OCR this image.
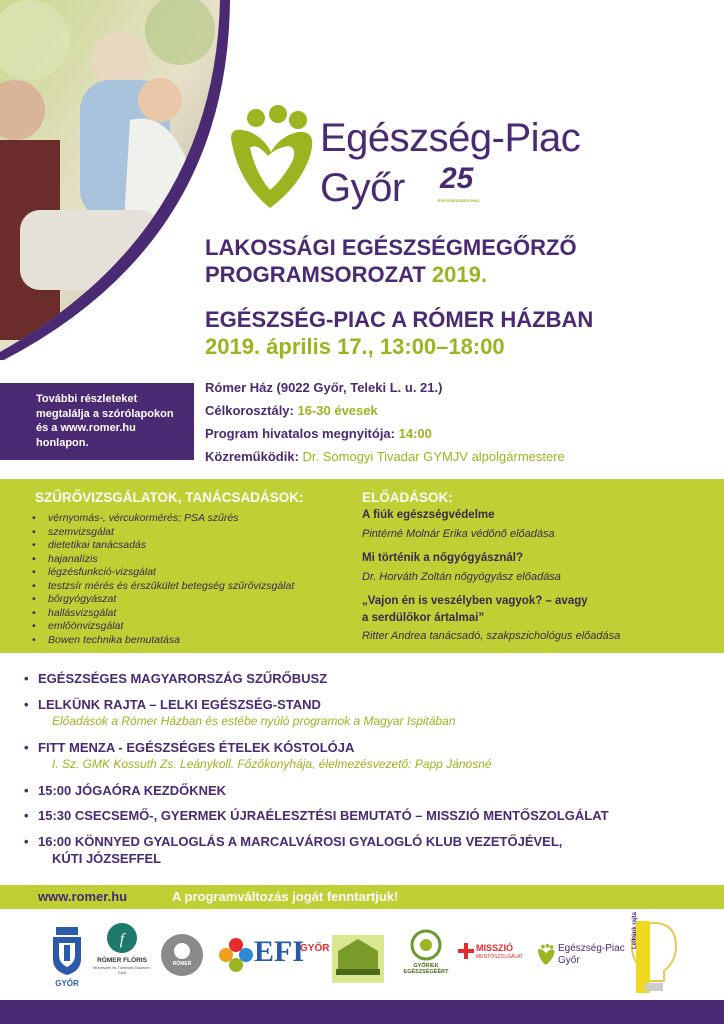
Egészség-Piac
Győr 25
ÉVE EGÉSZSÉG-PIAC
LAKOSSÁGI EGÉSZSÉGMEGŐRZŐ
PROGRAMSOROZAT 2019.
EGÉSZSÉG-PIAC A RÓMER HÁZBAN
2019. április 17., 13:00–18:00

További részleteket
megtalálja a szórólapokon
és a www.romer.hu
honlapon.

Rómer Ház (9022 Győr, Teleki L. u. 21.)
Célkorosztály: 16-30 évesek
Program hivatalos megnyitója: 14:00
Közreműködik: Dr. Somogyi Tivadar GYMJV alpolgármestere
SZŰRŐVIZSGÁLATOK, TANÁCSADÁSOK:
• vérnyomás-, vércukormérés; PSA szűrés
• szemvizsgálat
• dietetikai tanácsadás
• hajanalízis
• légzésfunkció-vizsgálat
• testzsír mérés és érszűkület betegség szűrővizsgálat
• bőrgyógyászat
• hallásvizsgálat
• emlőönvizsgálat
• Bowen technika bemutatása
ELŐADÁSOK:
A fiúk egészségvédelme
Pintérné Molnár Erika védőnő előadása
Mi történik a nőgyógyásznál?
Dr. Horváth Zoltán nőgyógyász előadása
„Vajon én is veszélyben vagyok? – avagy
a serdülőkor ártalmai”
Ritter Andrea tanácsadó, szakpszichológus előadása
• EGÉSZSÉGES MAGYARORSZÁG SZŰRŐBUSZ
• LELKÜNK RAJTA – LELKI EGÉSZSÉG-STAND
Előadások a Rómer Házban és estébe nyúló programok a Magyar Ispitában
• FITT MENZA - EGÉSZSÉGES ÉTELEK KÓSTOLÓJA
I. Sz. GMK Kossuth Zs. Leánykoll. Főzőkonyhája, élelmezésvezető: Papp Jánosné
• 15:00 JÓGAÓRA KEZDŐKNEK
• 15:30 CSECSEMŐ-, GYERMEK ÚJRAÉLESZTÉSI BEMUTATÓ – MISSZIÓ MENTŐSZOLGÁLAT
• 16:00 KÖNNYED GYALOGLÁS A MARCALVÁROSI GYALOGLÓ KLUB VEZETŐJÉVEL,
KÚTI JÓZSEFFEL
www.romer.hu	A programváltozás jogát fenntartjuk!
GYŐR
f
RÓMER FLÓRIS
Művészeti és Történeti Múzeum, Győr
RÓMER	EFI
GYŐR
GYŐRIEK EGÉSZSÉGÉÉRT
MISSZIÓ
MENTŐSZOLGÁLAT
Egészség-Piac
Győr
Lelkünk rajta
